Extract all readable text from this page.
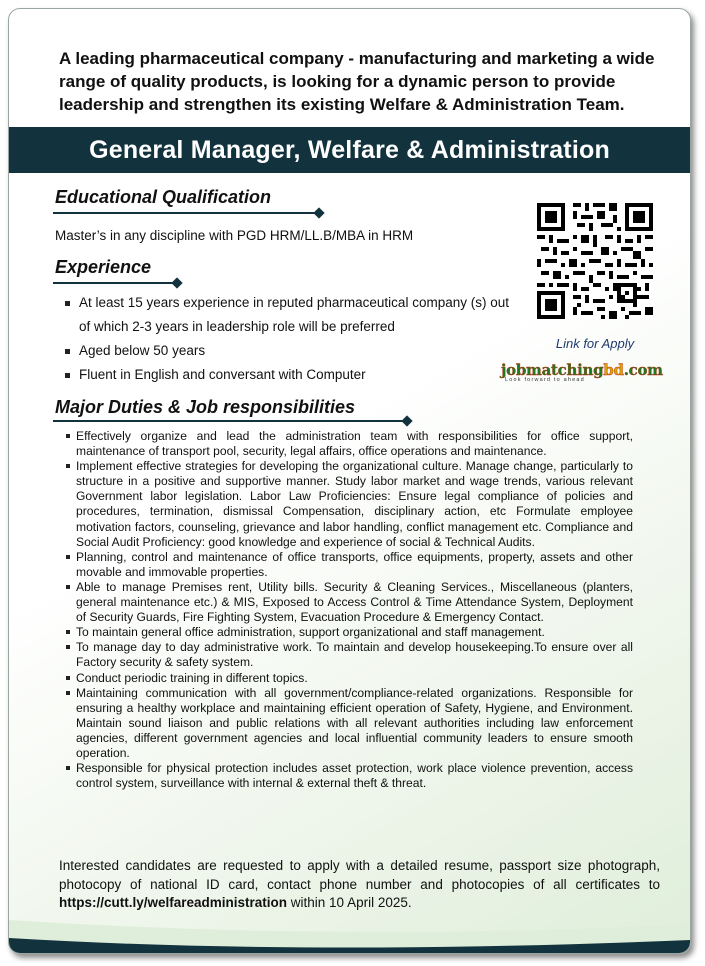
A leading pharmaceutical company - manufacturing and marketing a wide range of quality products, is looking for a dynamic person to provide leadership and strengthen its existing Welfare & Administration Team.
General Manager, Welfare & Administration
Educational Qualification
Master’s in any discipline with PGD HRM/LL.B/MBA in HRM
Experience
At least 15 years experience in reputed pharmaceutical company (s) out of which 2-3 years in leadership role will be preferred
Aged below 50 years
Fluent in English and conversant with Computer
Link for Apply
jobmatchingbd.com
Look forward to ahead
Major Duties & Job responsibilities
Effectively organize and lead the administration team with responsibilities for office support, maintenance of transport pool, security, legal affairs, office operations and maintenance.
Implement effective strategies for developing the organizational culture. Manage change, particularly to structure in a positive and supportive manner. Study labor market and wage trends, various relevant Government labor legislation. Labor Law Proficiencies: Ensure legal compliance of policies and procedures, termination, dismissal Compensation, disciplinary action, etc Formulate employee motivation factors, counseling, grievance and labor handling, conflict management etc. Compliance and Social Audit Proficiency: good knowledge and experience of social & Technical Audits.
Planning, control and maintenance of office transports, office equipments, property, assets and other movable and immovable properties.
Able to manage Premises rent, Utility bills. Security & Cleaning Services., Miscellaneous (planters, general maintenance etc.) & MIS, Exposed to Access Control & Time Attendance System, Deployment of Security Guards, Fire Fighting System, Evacuation Procedure & Emergency Contact.
To maintain general office administration, support organizational and staff management.
To manage day to day administrative work. To maintain and develop housekeeping.To ensure over all Factory security & safety system.
Conduct periodic training in different topics.
Maintaining communication with all government/compliance-related organizations. Responsible for ensuring a healthy workplace and maintaining efficient operation of Safety, Hygiene, and Environment. Maintain sound liaison and public relations with all relevant authorities including law enforcement agencies, different government agencies and local influential community leaders to ensure smooth operation.
Responsible for physical protection includes asset protection, work place violence prevention, access control system, surveillance with internal & external theft & threat.
Interested candidates are requested to apply with a detailed resume, passport size photograph, photocopy of national ID card, contact phone number and photocopies of all certificates to https://cutt.ly/welfareadministration within 10 April 2025.
